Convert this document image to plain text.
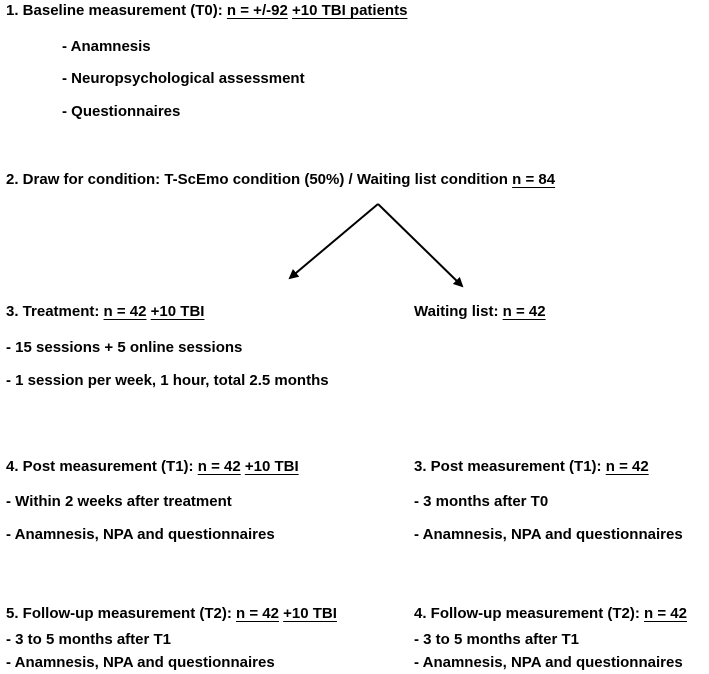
1. Baseline measurement (T0): n = +/-92 +10 TBI patients
- Anamnesis
- Neuropsychological assessment
- Questionnaires
2. Draw for condition: T-ScEmo condition (50%) / Waiting list condition n = 84
3. Treatment: n = 42 +10 TBI
- 15 sessions + 5 online sessions
- 1 session per week, 1 hour, total 2.5 months
Waiting list: n = 42
4. Post measurement (T1): n = 42 +10 TBI
- Within 2 weeks after treatment
- Anamnesis, NPA and questionnaires
3. Post measurement (T1): n = 42
- 3 months after T0
- Anamnesis, NPA and questionnaires
5. Follow-up measurement (T2): n = 42 +10 TBI
- 3 to 5 months after T1
- Anamnesis, NPA and questionnaires
4. Follow-up measurement (T2): n = 42
- 3 to 5 months after T1
- Anamnesis, NPA and questionnaires
